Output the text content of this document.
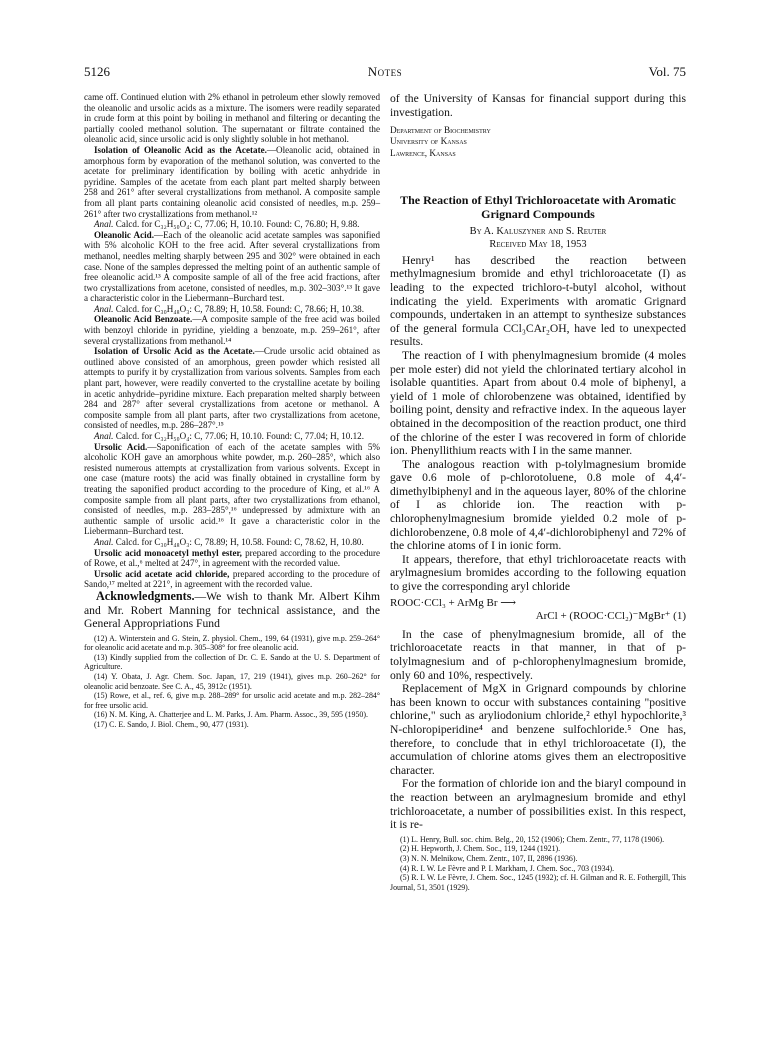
5126	Notes	Vol. 75

came off. Continued elution with 2% ethanol in petroleum ether slowly removed the oleanolic and ursolic acids as a mixture. The isomers were readily separated in crude form at this point by boiling in methanol and filtering or decanting the partially cooled methanol solution. The supernatant or filtrate contained the oleanolic acid, since ursolic acid is only slightly soluble in hot methanol.

Isolation of Oleanolic Acid as the Acetate.—Oleanolic acid, obtained in amorphous form by evaporation of the methanol solution, was converted to the acetate for preliminary identification by boiling with acetic anhydride in pyridine. Samples of the acetate from each plant part melted sharply between 258 and 261° after several crystallizations from methanol. A composite sample from all plant parts containing oleanolic acid consisted of needles, m.p. 259–261° after two crystallizations from methanol.¹²

Anal. Calcd. for C₃₂H₅₀O₄: C, 77.06; H, 10.10. Found: C, 76.80; H, 9.88.

Oleanolic Acid.—Each of the oleanolic acid acetate samples was saponified with 5% alcoholic KOH to the free acid. After several crystallizations from methanol, needles melting sharply between 295 and 302° were obtained in each case. None of the samples depressed the melting point of an authentic sample of free oleanolic acid.¹³ A composite sample of all of the free acid fractions, after two crystallizations from acetone, consisted of needles, m.p. 302–303°.¹³ It gave a characteristic color in the Liebermann–Burchard test.

Anal. Calcd. for C₃₀H₄₈O₃: C, 78.89; H, 10.58. Found: C, 78.66; H, 10.38.

Oleanolic Acid Benzoate.—A composite sample of the free acid was boiled with benzoyl chloride in pyridine, yielding a benzoate, m.p. 259–261°, after several crystallizations from methanol.¹⁴

Isolation of Ursolic Acid as the Acetate.—Crude ursolic acid obtained as outlined above consisted of an amorphous, green powder which resisted all attempts to purify it by crystallization from various solvents. Samples from each plant part, however, were readily converted to the crystalline acetate by boiling in acetic anhydride–pyridine mixture. Each preparation melted sharply between 284 and 287° after several crystallizations from acetone or methanol. A composite sample from all plant parts, after two crystallizations from acetone, consisted of needles, m.p. 286–287°.¹⁵

Anal. Calcd. for C₃₂H₅₀O₄: C, 77.06; H, 10.10. Found: C, 77.04; H, 10.12.

Ursolic Acid.—Saponification of each of the acetate samples with 5% alcoholic KOH gave an amorphous white powder, m.p. 260–285°, which also resisted numerous attempts at crystallization from various solvents. Except in one case (mature roots) the acid was finally obtained in crystalline form by treating the saponified product according to the procedure of King, et al.¹⁶ A composite sample from all plant parts, after two crystallizations from ethanol, consisted of needles, m.p. 283–285°,¹⁶ undepressed by admixture with an authentic sample of ursolic acid.¹⁶ It gave a characteristic color in the Liebermann–Burchard test.

Anal. Calcd. for C₃₀H₄₈O₃: C, 78.89; H, 10.58. Found: C, 78.62, H, 10.80.

Ursolic acid monoacetyl methyl ester, prepared according to the procedure of Rowe, et al.,⁶ melted at 247°, in agreement with the recorded value.

Ursolic acid acetate acid chloride, prepared according to the procedure of Sando,¹⁷ melted at 221°, in agreement with the recorded value.

Acknowledgments.—We wish to thank Mr. Albert Kihm and Mr. Robert Manning for technical assistance, and the General Appropriations Fund

(12) A. Winterstein and G. Stein, Z. physiol. Chem., 199, 64 (1931), give m.p. 259–264° for oleanolic acid acetate and m.p. 305–308° for free oleanolic acid.

(13) Kindly supplied from the collection of Dr. C. E. Sando at the U. S. Department of Agriculture.

(14) Y. Obata, J. Agr. Chem. Soc. Japan, 17, 219 (1941), gives m.p. 260–262° for oleanolic acid benzoate. See C. A., 45, 3912c (1951).

(15) Rowe, et al., ref. 6, give m.p. 288–289° for ursolic acid acetate and m.p. 282–284° for free ursolic acid.

(16) N. M. King, A. Chatterjee and L. M. Parks, J. Am. Pharm. Assoc., 39, 595 (1950).

(17) C. E. Sando, J. Biol. Chem., 90, 477 (1931).

of the University of Kansas for financial support during this investigation.

Department of Biochemistry
University of Kansas
Lawrence, Kansas
The Reaction of Ethyl Trichloroacetate with Aromatic Grignard Compounds
By A. Kaluszyner and S. Reuter
Received May 18, 1953

Henry¹ has described the reaction between methylmagnesium bromide and ethyl trichloroacetate (I) as leading to the expected trichloro-t-butyl alcohol, without indicating the yield. Experiments with aromatic Grignard compounds, undertaken in an attempt to synthesize substances of the general formula CCl₃CAr₂OH, have led to unexpected results.

The reaction of I with phenylmagnesium bromide (4 moles per mole ester) did not yield the chlorinated tertiary alcohol in isolable quantities. Apart from about 0.4 mole of biphenyl, a yield of 1 mole of chlorobenzene was obtained, identified by boiling point, density and refractive index. In the aqueous layer obtained in the decomposition of the reaction product, one third of the chlorine of the ester I was recovered in form of chloride ion. Phenyllithium reacts with I in the same manner.

The analogous reaction with p-tolylmagnesium bromide gave 0.6 mole of p-chlorotoluene, 0.8 mole of 4,4′-dimethylbiphenyl and in the aqueous layer, 80% of the chlorine of I as chloride ion. The reaction with p-chlorophenylmagnesium bromide yielded 0.2 mole of p-dichlorobenzene, 0.8 mole of 4,4′-dichlorobiphenyl and 72% of the chlorine atoms of I in ionic form.

It appears, therefore, that ethyl trichloroacetate reacts with arylmagnesium bromides according to the following equation to give the corresponding aryl chloride

ROOC·CCl₃ + ArMg Br ⟶

ArCl + (ROOC·CCl₂)⁻MgBr⁺ (1)

In the case of phenylmagnesium bromide, all of the trichloroacetate reacts in that manner, in that of p-tolylmagnesium and of p-chlorophenylmagnesium bromide, only 60 and 10%, respectively.

Replacement of MgX in Grignard compounds by chlorine has been known to occur with substances containing "positive chlorine," such as aryliodonium chloride,² ethyl hypochlorite,³ N-chloropiperidine⁴ and benzene sulfochloride.⁵ One has, therefore, to conclude that in ethyl trichloroacetate (I), the accumulation of chlorine atoms gives them an electropositive character.

For the formation of chloride ion and the biaryl compound in the reaction between an arylmagnesium bromide and ethyl trichloroacetate, a number of possibilities exist. In this respect, it is re-

(1) L. Henry, Bull. soc. chim. Belg., 20, 152 (1906); Chem. Zentr., 77, 1178 (1906).

(2) H. Hepworth, J. Chem. Soc., 119, 1244 (1921).

(3) N. N. Melnikow, Chem. Zentr., 107, II, 2896 (1936).

(4) R. I. W. Le Fèvre and P. I. Markham, J. Chem. Soc., 703 (1934).

(5) R. I. W. Le Fèvre, J. Chem. Soc., 1245 (1932); cf. H. Gilman and R. E. Fothergill, This Journal, 51, 3501 (1929).
